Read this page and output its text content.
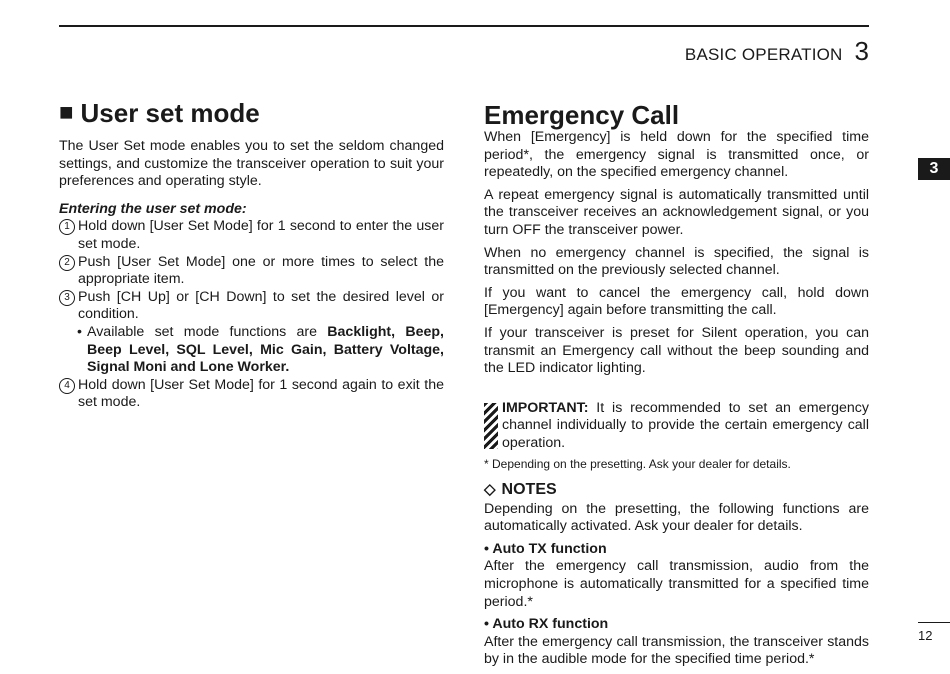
BASIC OPERATION 3
3
■ User set mode

The User Set mode enables you to set the seldom changed settings, and customize the transceiver operation to suit your preferences and operating style.

Entering the user set mode:

1 Hold down [User Set Mode] for 1 second to enter the user set mode.
2 Push [User Set Mode] one or more times to select the appropriate item.
3 Push [CH Up] or [CH Down] to set the desired level or condition.
• Available set mode functions are Backlight, Beep, Beep Level, SQL Level, Mic Gain, Battery Voltage, Signal Moni and Lone Worker.
4 Hold down [User Set Mode] for 1 second again to exit the set mode.
Emergency Call

When [Emergency] is held down for the specified time period*, the emergency signal is transmitted once, or repeatedly, on the specified emergency channel.

A repeat emergency signal is automatically transmitted until the transceiver receives an acknowledgement signal, or you turn OFF the transceiver power.

When no emergency channel is specified, the signal is transmitted on the previously selected channel.

If you want to cancel the emergency call, hold down [Emergency] again before transmitting the call.

If your transceiver is preset for Silent operation, you can transmit an Emergency call without the beep sounding and the LED indicator lighting.

IMPORTANT: It is recommended to set an emergency channel individually to provide the certain emergency call operation.

* Depending on the presetting. Ask your dealer for details.

◇ NOTES

Depending on the presetting, the following functions are automatically activated. Ask your dealer for details.

• Auto TX function

After the emergency call transmission, audio from the microphone is automatically transmitted for a specified time period.*

• Auto RX function

After the emergency call transmission, the transceiver stands by in the audible mode for the specified time period.*

12
